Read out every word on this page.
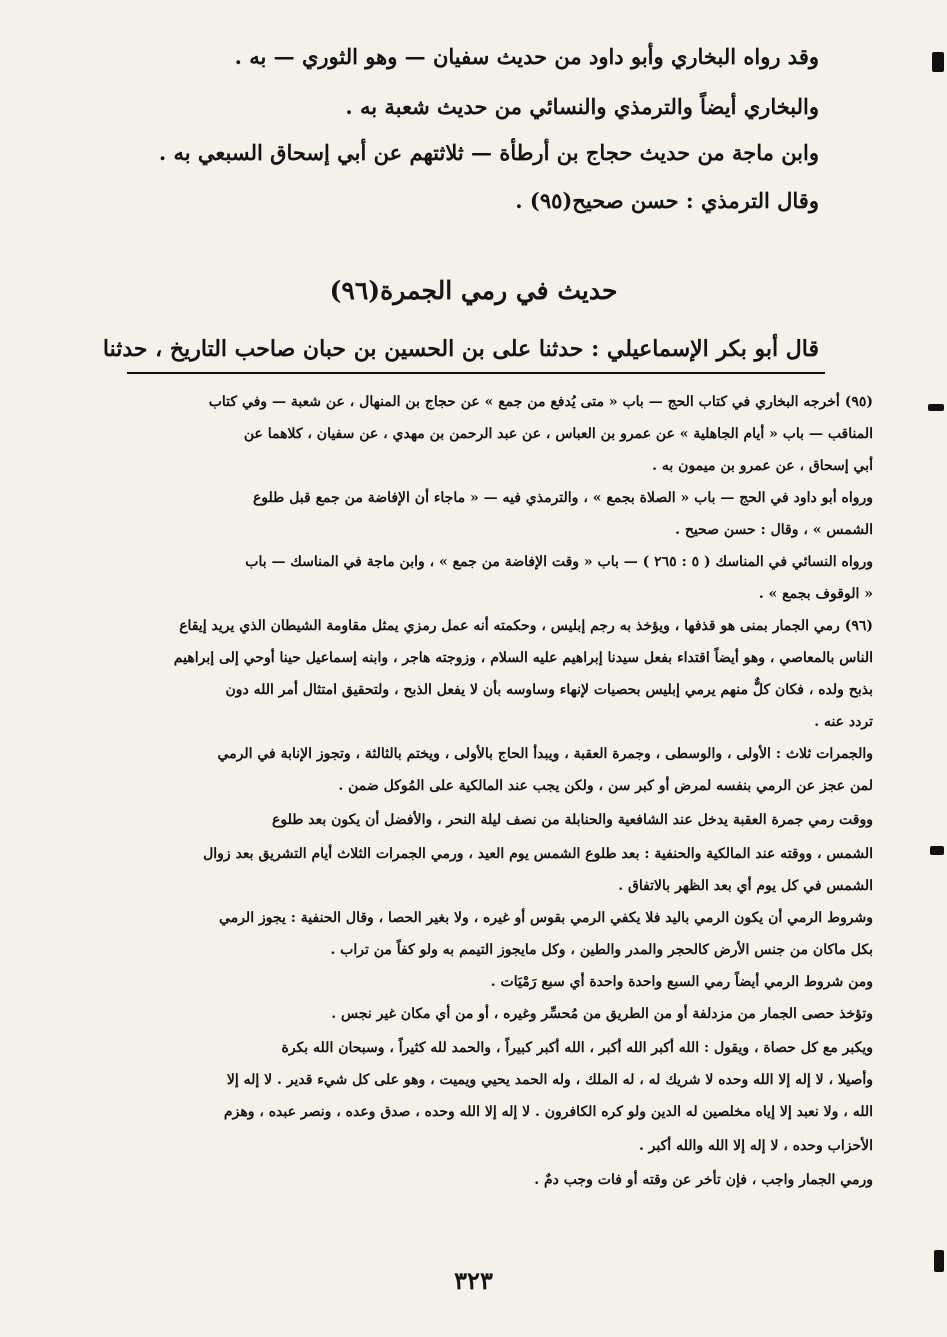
وقد رواه البخاري وأبو داود من حديث سفيان — وهو الثوري — به .
والبخاري أيضاً والترمذي والنسائي من حديث شعبة به .
وابن ماجة من حديث حجاج بن أرطأة — ثلاثتهم عن أبي إسحاق السبعي به .
وقال الترمذي : حسن صحيح(٩٥) .
حديث في رمي الجمرة(٩٦)
قال أبو بكر الإسماعيلي : حدثنا على بن الحسين بن حبان صاحب التاريخ ، حدثنا
(٩٥) أخرجه البخاري في كتاب الحج — باب « متى يُدفع من جمع » عن حجاج بن المنهال ، عن شعبة — وفي كتاب
المناقب — باب « أيام الجاهلية » عن عمرو بن العباس ، عن عبد الرحمن بن مهدي ، عن سفيان ، كلاهما عن
أبي إسحاق ، عن عمرو بن ميمون به .
ورواه أبو داود في الحج — باب « الصلاة بجمع » ، والترمذي فيه — « ماجاء أن الإفاضة من جمع قبل طلوع
الشمس » ، وقال : حسن صحيح .
ورواه النسائي في المناسك ( ٥ : ٢٦٥ ) — باب « وقت الإفاضة من جمع » ، وابن ماجة في المناسك — باب
« الوقوف بجمع » .
(٩٦) رمي الجمار بمنى هو قذفها ، ويؤخذ به رجم إبليس ، وحكمته أنه عمل رمزي يمثل مقاومة الشيطان الذي يريد إيقاع
الناس بالمعاصي ، وهو أيضاً اقتداء بفعل سيدنا إبراهيم عليه السلام ، وزوجته هاجر ، وابنه إسماعيل حينا أوحي إلى إبراهيم
بذبح ولده ، فكان كلٌّ منهم يرمي إبليس بحصيات لإنهاء وساوسه بأن لا يفعل الذبح ، ولتحقيق امتثال أمر الله دون
تردد عنه .
والجمرات ثلاث : الأولى ، والوسطى ، وجمرة العقبة ، ويبدأ الحاج بالأولى ، ويختم بالثالثة ، وتجوز الإنابة في الرمي
لمن عجز عن الرمي بنفسه لمرض أو كبر سن ، ولكن يجب عند المالكية على المُوكل ضمن .
ووقت رمي جمرة العقبة يدخل عند الشافعية والحنابلة من نصف ليلة النحر ، والأفضل أن يكون بعد طلوع
الشمس ، ووقته عند المالكية والحنفية : بعد طلوع الشمس يوم العيد ، ورمي الجمرات الثلاث أيام التشريق بعد زوال
الشمس في كل يوم أي بعد الظهر بالاتفاق .
وشروط الرمي أن يكون الرمي باليد فلا يكفي الرمي بقوس أو غيره ، ولا بغير الحصا ، وقال الحنفية : يجوز الرمي
بكل ماكان من جنس الأرض كالحجر والمدر والطين ، وكل مايجوز التيمم به ولو كفاً من تراب .
ومن شروط الرمي أيضاً رمي السبع واحدة واحدة أي سبع رَمْيَات .
وتؤخذ حصى الجمار من مزدلفة أو من الطريق من مُحسِّر وغيره ، أو من أي مكان غير نجس .
ويكبر مع كل حصاة ، ويقول : الله أكبر الله أكبر ، الله أكبر كبيراً ، والحمد لله كثيراً ، وسبحان الله بكرة
وأصيلا ، لا إله إلا الله وحده لا شريك له ، له الملك ، وله الحمد يحيي ويميت ، وهو على كل شيء قدير . لا إله إلا
الله ، ولا نعبد إلا إياه مخلصين له الدين ولو كره الكافرون . لا إله إلا الله وحده ، صدق وعده ، ونصر عبده ، وهزم
الأحزاب وحده ، لا إله إلا الله والله أكبر .
ورمي الجمار واجب ، فإن تأخر عن وقته أو فات وجب دمٌ .
٣٢٣
